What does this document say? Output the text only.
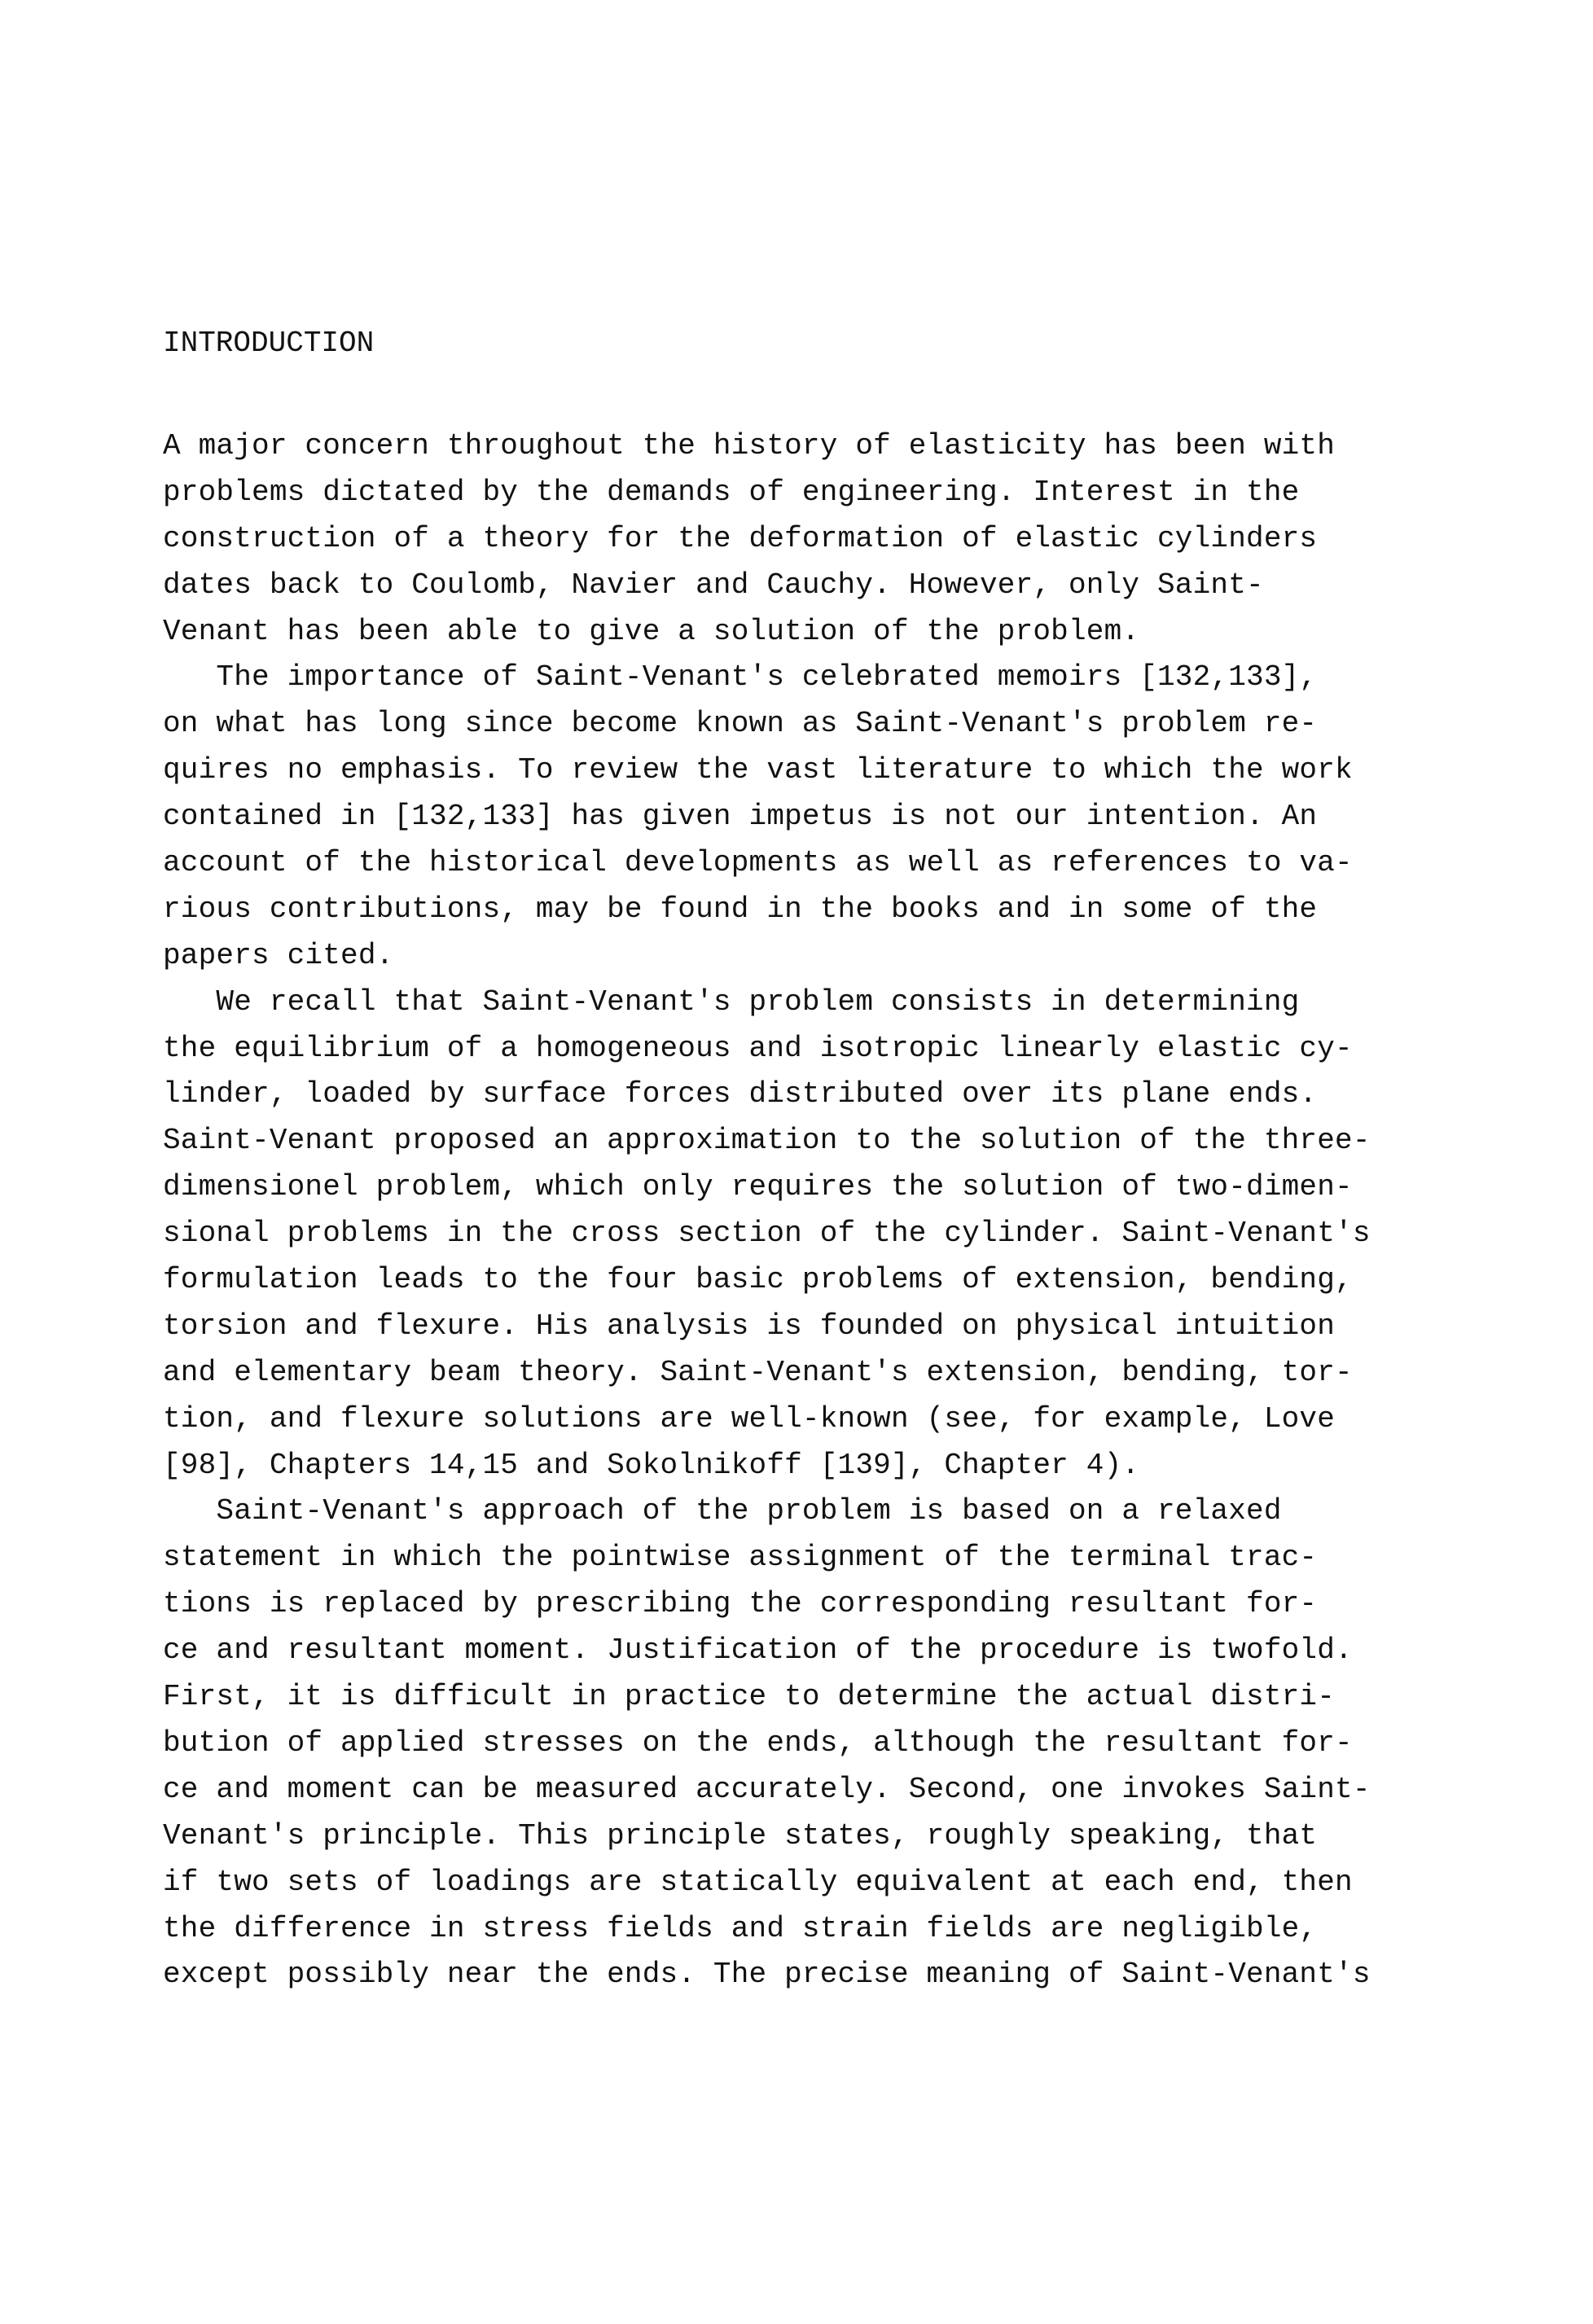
INTRODUCTION
A major concern throughout the history of elasticity has been with
problems dictated by the demands of engineering. Interest in the
construction of a theory for the deformation of elastic cylinders
dates back to Coulomb, Navier and Cauchy. However, only Saint-
Venant has been able to give a solution of the problem.
The importance of Saint-Venant's celebrated memoirs [132,133],
on what has long since become known as Saint-Venant's problem re-
quires no emphasis. To review the vast literature to which the work
contained in [132,133] has given impetus is not our intention. An
account of the historical developments as well as references to va-
rious contributions, may be found in the books and in some of the
papers cited.
We recall that Saint-Venant's problem consists in determining
the equilibrium of a homogeneous and isotropic linearly elastic cy-
linder, loaded by surface forces distributed over its plane ends.
Saint-Venant proposed an approximation to the solution of the three-
dimensionel problem, which only requires the solution of two-dimen-
sional problems in the cross section of the cylinder. Saint-Venant's
formulation leads to the four basic problems of extension, bending,
torsion and flexure. His analysis is founded on physical intuition
and elementary beam theory. Saint-Venant's extension, bending, tor-
tion, and flexure solutions are well-known (see, for example, Love
[98], Chapters 14,15 and Sokolnikoff [139], Chapter 4).
Saint-Venant's approach of the problem is based on a relaxed
statement in which the pointwise assignment of the terminal trac-
tions is replaced by prescribing the corresponding resultant for-
ce and resultant moment. Justification of the procedure is twofold.
First, it is difficult in practice to determine the actual distri-
bution of applied stresses on the ends, although the resultant for-
ce and moment can be measured accurately. Second, one invokes Saint-
Venant's principle. This principle states, roughly speaking, that
if two sets of loadings are statically equivalent at each end, then
the difference in stress fields and strain fields are negligible,
except possibly near the ends. The precise meaning of Saint-Venant's
